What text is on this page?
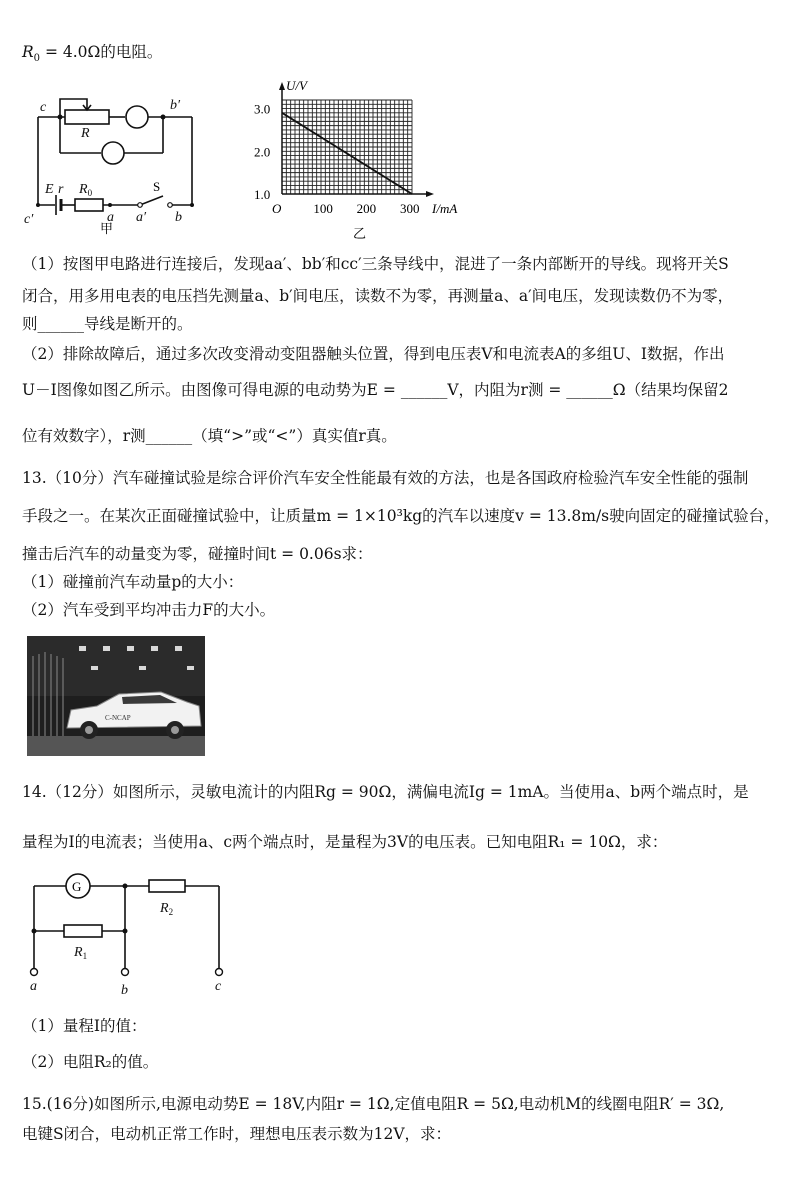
$R_0 = 4.0\Omega$的电阻。
c	b′
R
E r $R_0$
c′	a a′ b
S
甲
U/V
I/mA
O
1.0
2.0
3.0
100 200 300
乙
（1）按图甲电路进行连接后，发现aa′、bb′和cc′三条导线中，混进了一条内部断开的导线。现将开关S
闭合，用多用电表的电压挡先测量a、b′间电压，读数不为零，再测量a、a′间电压，发现读数仍不为零，
则______导线是断开的。
（2）排除故障后，通过多次改变滑动变阻器触头位置，得到电压表V和电流表A的多组U、I数据，作出
U－I图像如图乙所示。由图像可得电源的电动势为E = ______V，内阻为r测 = ______Ω（结果均保留2
位有效数字），r测______（填“>”或“<”）真实值r真。
13.（10分）汽车碰撞试验是综合评价汽车安全性能最有效的方法，也是各国政府检验汽车安全性能的强制
手段之一。在某次正面碰撞试验中，让质量m = 1×10³kg的汽车以速度v = 13.8m/s驶向固定的碰撞试验台，
撞击后汽车的动量变为零，碰撞时间t = 0.06s求：
（1）碰撞前汽车动量p的大小：
（2）汽车受到平均冲击力F的大小。
C-NCAP
14.（12分）如图所示，灵敏电流计的内阻Rg = 90Ω，满偏电流Ig = 1mA。当使用a、b两个端点时，是
量程为I的电流表；当使用a、c两个端点时，是量程为3V的电压表。已知电阻R₁ = 10Ω，求：
G
$R_2$
$R_1$
a	b	c
（1）量程I的值：
（2）电阻R₂的值。
15.(16分)如图所示,电源电动势E = 18V,内阻r = 1Ω,定值电阻R = 5Ω,电动机M的线圈电阻R′ = 3Ω,
电键S闭合，电动机正常工作时，理想电压表示数为12V，求：
